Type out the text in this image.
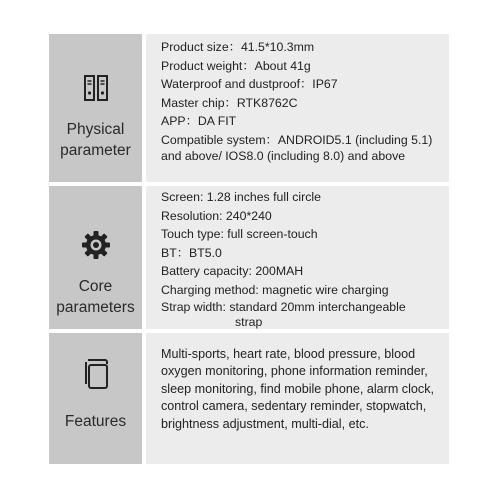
Physical
parameter
Product size：41.5*10.3mm
Product weight：About 41g
Waterproof and dustproof：IP67
Master chip：RTK8762C
APP：DA FIT
Compatible system：ANDROID5.1 (including 5.1) and above/ IOS8.0 (including 8.0) and above
Core
parameters
Screen: 1.28 inches full circle
Resolution: 240*240
Touch type: full screen-touch
BT：BT5.0
Battery capacity: 200MAH
Charging method: magnetic wire charging
Strap width: standard 20mm interchangeable strap
Features
Multi-sports, heart rate, blood pressure, blood oxygen monitoring, phone information reminder, sleep monitoring, find mobile phone, alarm clock, control camera, sedentary reminder, stopwatch, brightness adjustment, multi-dial, etc.
